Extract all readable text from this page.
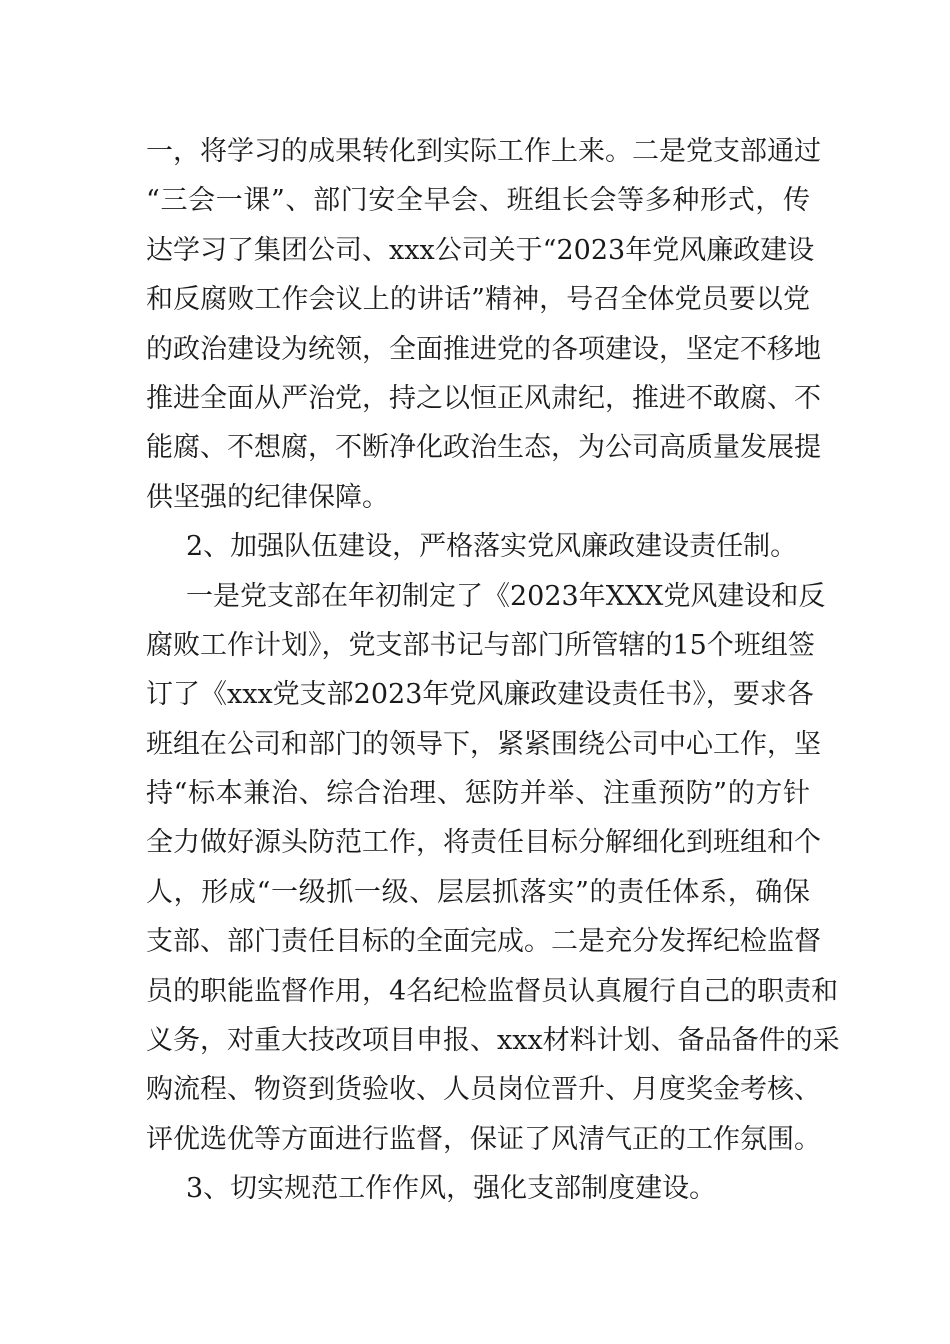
一，将学习的成果转化到实际工作上来。二是党支部通过
“三会一课”、部门安全早会、班组长会等多种形式，传
达学习了集团公司、xxx公司关于“2023年党风廉政建设
和反腐败工作会议上的讲话”精神，号召全体党员要以党
的政治建设为统领，全面推进党的各项建设，坚定不移地
推进全面从严治党，持之以恒正风肃纪，推进不敢腐、不
能腐、不想腐，不断净化政治生态，为公司高质量发展提
供坚强的纪律保障。
2、加强队伍建设，严格落实党风廉政建设责任制。
一是党支部在年初制定了《2023年XXX党风建设和反
腐败工作计划》，党支部书记与部门所管辖的15个班组签
订了《xxx党支部2023年党风廉政建设责任书》，要求各
班组在公司和部门的领导下，紧紧围绕公司中心工作，坚
持“标本兼治、综合治理、惩防并举、注重预防”的方针
全力做好源头防范工作，将责任目标分解细化到班组和个
人，形成“一级抓一级、层层抓落实”的责任体系，确保
支部、部门责任目标的全面完成。二是充分发挥纪检监督
员的职能监督作用，4名纪检监督员认真履行自己的职责和
义务，对重大技改项目申报、xxx材料计划、备品备件的采
购流程、物资到货验收、人员岗位晋升、月度奖金考核、
评优选优等方面进行监督，保证了风清气正的工作氛围。
3、切实规范工作作风，强化支部制度建设。
